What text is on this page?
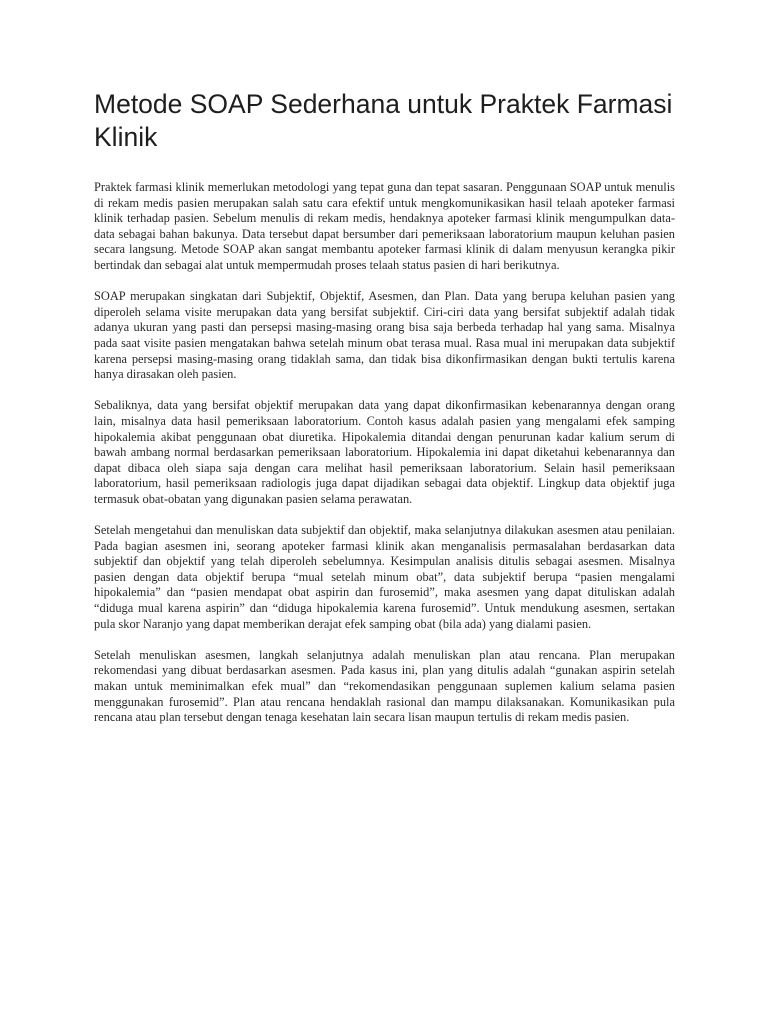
Metode SOAP Sederhana untuk Praktek Farmasi Klinik

Praktek farmasi klinik memerlukan metodologi yang tepat guna dan tepat sasaran. Penggunaan SOAP untuk menulis di rekam medis pasien merupakan salah satu cara efektif untuk mengkomunikasikan hasil telaah apoteker farmasi klinik terhadap pasien. Sebelum menulis di rekam medis, hendaknya apoteker farmasi klinik mengumpulkan data-data sebagai bahan bakunya. Data tersebut dapat bersumber dari pemeriksaan laboratorium maupun keluhan pasien secara langsung. Metode SOAP akan sangat membantu apoteker farmasi klinik di dalam menyusun kerangka pikir bertindak dan sebagai alat untuk mempermudah proses telaah status pasien di hari berikutnya.

SOAP merupakan singkatan dari Subjektif, Objektif, Asesmen, dan Plan. Data yang berupa keluhan pasien yang diperoleh selama visite merupakan data yang bersifat subjektif. Ciri-ciri data yang bersifat subjektif adalah tidak adanya ukuran yang pasti dan persepsi masing-masing orang bisa saja berbeda terhadap hal yang sama. Misalnya pada saat visite pasien mengatakan bahwa setelah minum obat terasa mual. Rasa mual ini merupakan data subjektif karena persepsi masing-masing orang tidaklah sama, dan tidak bisa dikonfirmasikan dengan bukti tertulis karena hanya dirasakan oleh pasien.

Sebaliknya, data yang bersifat objektif merupakan data yang dapat dikonfirmasikan kebenarannya dengan orang lain, misalnya data hasil pemeriksaan laboratorium. Contoh kasus adalah pasien yang mengalami efek samping hipokalemia akibat penggunaan obat diuretika. Hipokalemia ditandai dengan penurunan kadar kalium serum di bawah ambang normal berdasarkan pemeriksaan laboratorium. Hipokalemia ini dapat diketahui kebenarannya dan dapat dibaca oleh siapa saja dengan cara melihat hasil pemeriksaan laboratorium. Selain hasil pemeriksaan laboratorium, hasil pemeriksaan radiologis juga dapat dijadikan sebagai data objektif. Lingkup data objektif juga termasuk obat-obatan yang digunakan pasien selama perawatan.

Setelah mengetahui dan menuliskan data subjektif dan objektif, maka selanjutnya dilakukan asesmen atau penilaian. Pada bagian asesmen ini, seorang apoteker farmasi klinik akan menganalisis permasalahan berdasarkan data subjektif dan objektif yang telah diperoleh sebelumnya. Kesimpulan analisis ditulis sebagai asesmen. Misalnya pasien dengan data objektif berupa “mual setelah minum obat”, data subjektif berupa “pasien mengalami hipokalemia” dan “pasien mendapat obat aspirin dan furosemid”, maka asesmen yang dapat dituliskan adalah “diduga mual karena aspirin” dan “diduga hipokalemia karena furosemid”. Untuk mendukung asesmen, sertakan pula skor Naranjo yang dapat memberikan derajat efek samping obat (bila ada) yang dialami pasien.

Setelah menuliskan asesmen, langkah selanjutnya adalah menuliskan plan atau rencana. Plan merupakan rekomendasi yang dibuat berdasarkan asesmen. Pada kasus ini, plan yang ditulis adalah “gunakan aspirin setelah makan untuk meminimalkan efek mual” dan “rekomendasikan penggunaan suplemen kalium selama pasien menggunakan furosemid”. Plan atau rencana hendaklah rasional dan mampu dilaksanakan. Komunikasikan pula rencana atau plan tersebut dengan tenaga kesehatan lain secara lisan maupun tertulis di rekam medis pasien.
